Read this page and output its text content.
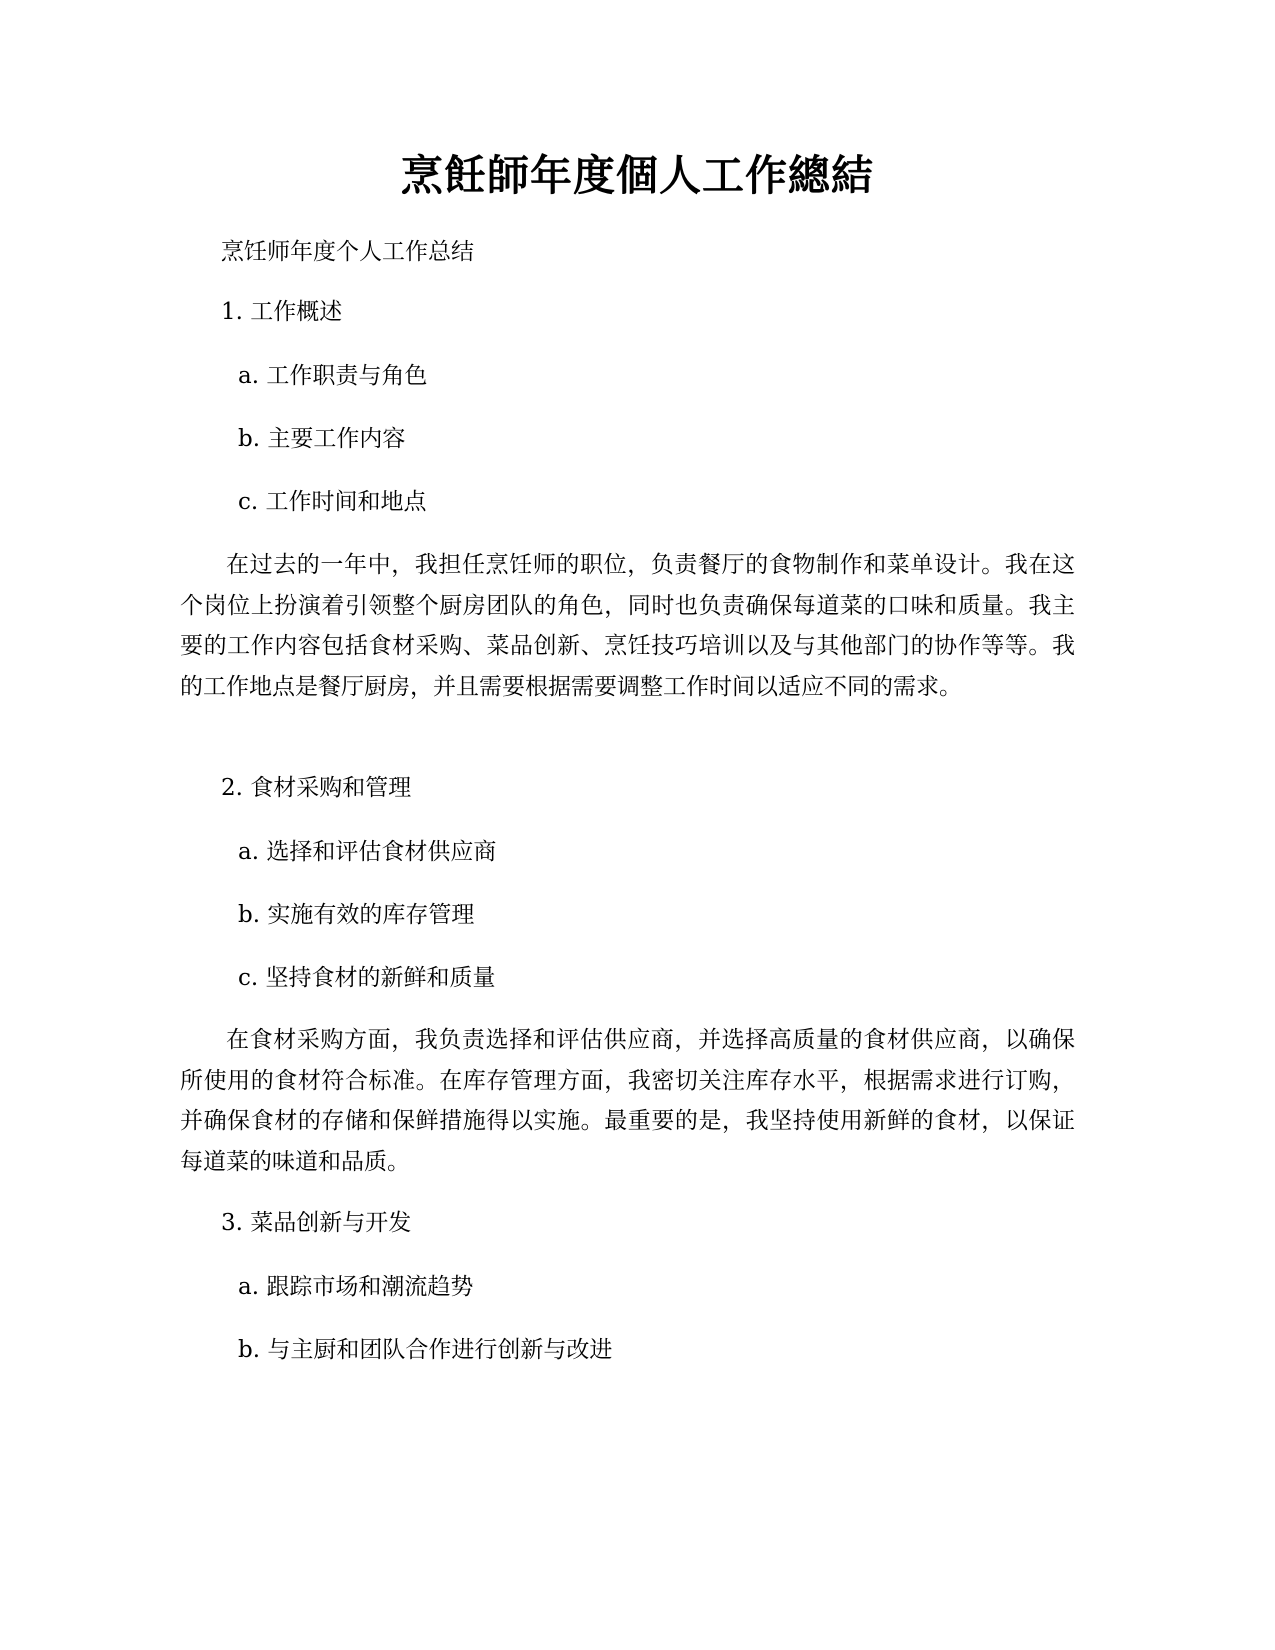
烹飪師年度個人工作總結
烹饪师年度个人工作总结
1. 工作概述
a. 工作职责与角色
b. 主要工作内容
c. 工作时间和地点
在过去的一年中，我担任烹饪师的职位，负责餐厅的食物制作和菜单设计。我在这个岗位上扮演着引领整个厨房团队的角色，同时也负责确保每道菜的口味和质量。我主要的工作内容包括食材采购、菜品创新、烹饪技巧培训以及与其他部门的协作等等。我的工作地点是餐厅厨房，并且需要根据需要调整工作时间以适应不同的需求。
2. 食材采购和管理
a. 选择和评估食材供应商
b. 实施有效的库存管理
c. 坚持食材的新鲜和质量
在食材采购方面，我负责选择和评估供应商，并选择高质量的食材供应商，以确保所使用的食材符合标准。在库存管理方面，我密切关注库存水平，根据需求进行订购，并确保食材的存储和保鲜措施得以实施。最重要的是，我坚持使用新鲜的食材，以保证每道菜的味道和品质。
3. 菜品创新与开发
a. 跟踪市场和潮流趋势
b. 与主厨和团队合作进行创新与改进
